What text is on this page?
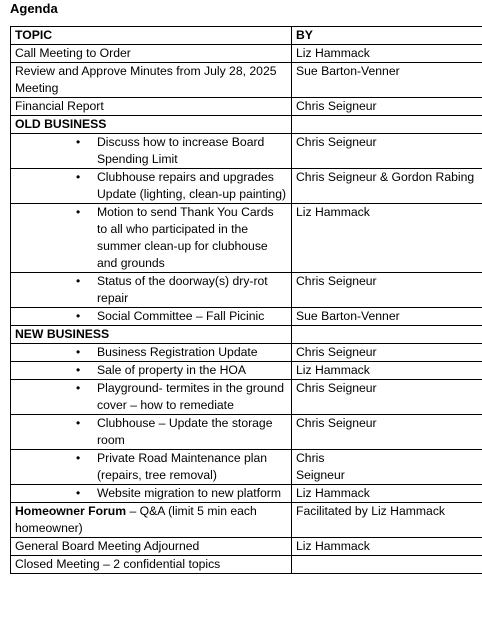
Agenda
TOPIC	BY
Call Meeting to Order	Liz Hammack
Review and Approve Minutes from July 28, 2025 Meeting	Sue Barton-Venner
Financial Report	Chris Seigneur
OLD BUSINESS	

• Discuss how to increase Board Spending Limit	Chris Seigneur

• Clubhouse repairs and upgrades Update (lighting, clean-up painting)	Chris Seigneur & Gordon Rabing

• Motion to send Thank You Cards to all who participated in the summer clean-up for clubhouse and grounds	Liz Hammack

• Status of the doorway(s) dry-rot repair	Chris Seigneur

• Social Committee – Fall Picinic	Sue Barton-Venner
NEW BUSINESS	

• Business Registration Update	Chris Seigneur

• Sale of property in the HOA	Liz Hammack

• Playground- termites in the ground cover – how to remediate	Chris Seigneur

• Clubhouse – Update the storage room	Chris Seigneur

• Private Road Maintenance plan (repairs, tree removal)	Chris Seigneur

• Website migration to new platform	Liz Hammack
Homeowner Forum – Q&A (limit 5 min each homeowner)	Facilitated by Liz Hammack
General Board Meeting Adjourned	Liz Hammack
Closed Meeting – 2 confidential topics	
